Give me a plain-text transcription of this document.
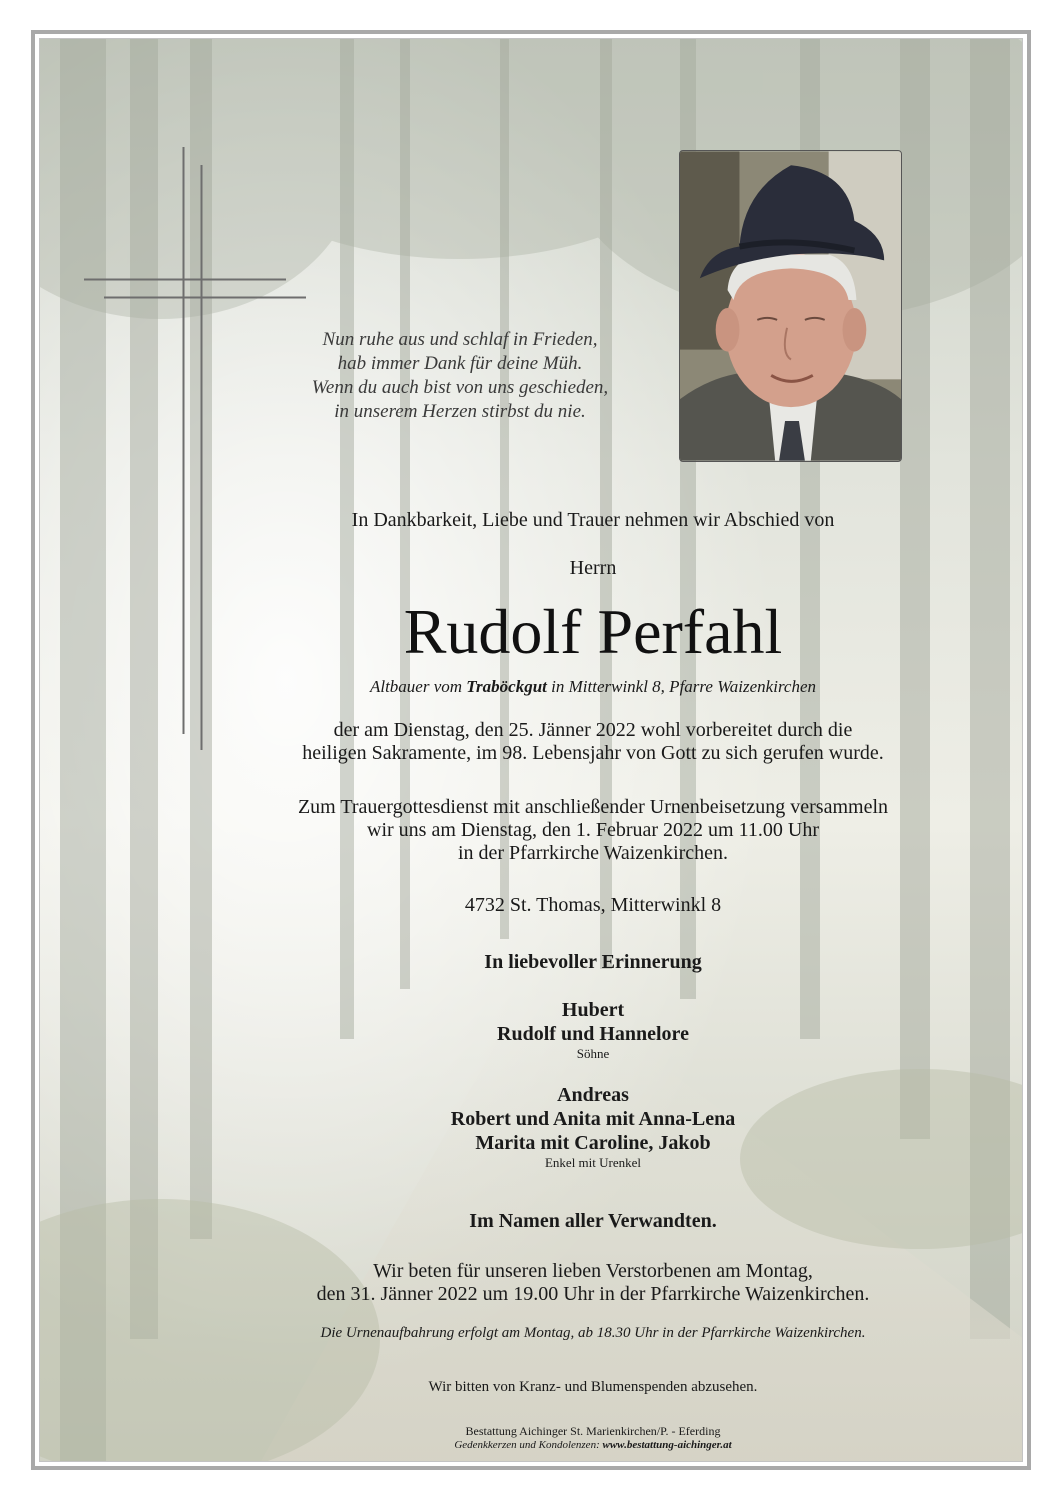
Nun ruhe aus und schlaf in Frieden,
hab immer Dank für deine Müh.
Wenn du auch bist von uns geschieden,
in unserem Herzen stirbst du nie.
In Dankbarkeit, Liebe und Trauer nehmen wir Abschied von
Herrn
Rudolf Perfahl
Altbauer vom Traböckgut in Mitterwinkl 8, Pfarre Waizenkirchen
der am Dienstag, den 25. Jänner 2022 wohl vorbereitet durch die
heiligen Sakramente, im 98. Lebensjahr von Gott zu sich gerufen wurde.
Zum Trauergottesdienst mit anschließender Urnenbeisetzung versammeln
wir uns am Dienstag, den 1. Februar 2022 um 11.00 Uhr
in der Pfarrkirche Waizenkirchen.
4732 St. Thomas, Mitterwinkl 8
In liebevoller Erinnerung
Hubert
Rudolf und Hannelore
Söhne
Andreas
Robert und Anita mit Anna-Lena
Marita mit Caroline, Jakob
Enkel mit Urenkel
Im Namen aller Verwandten.
Wir beten für unseren lieben Verstorbenen am Montag,
den 31. Jänner 2022 um 19.00 Uhr in der Pfarrkirche Waizenkirchen.
Die Urnenaufbahrung erfolgt am Montag, ab 18.30 Uhr in der Pfarrkirche Waizenkirchen.
Wir bitten von Kranz- und Blumenspenden abzusehen.
Bestattung Aichinger St. Marienkirchen/P. - Eferding
Gedenkkerzen und Kondolenzen: www.bestattung-aichinger.at
